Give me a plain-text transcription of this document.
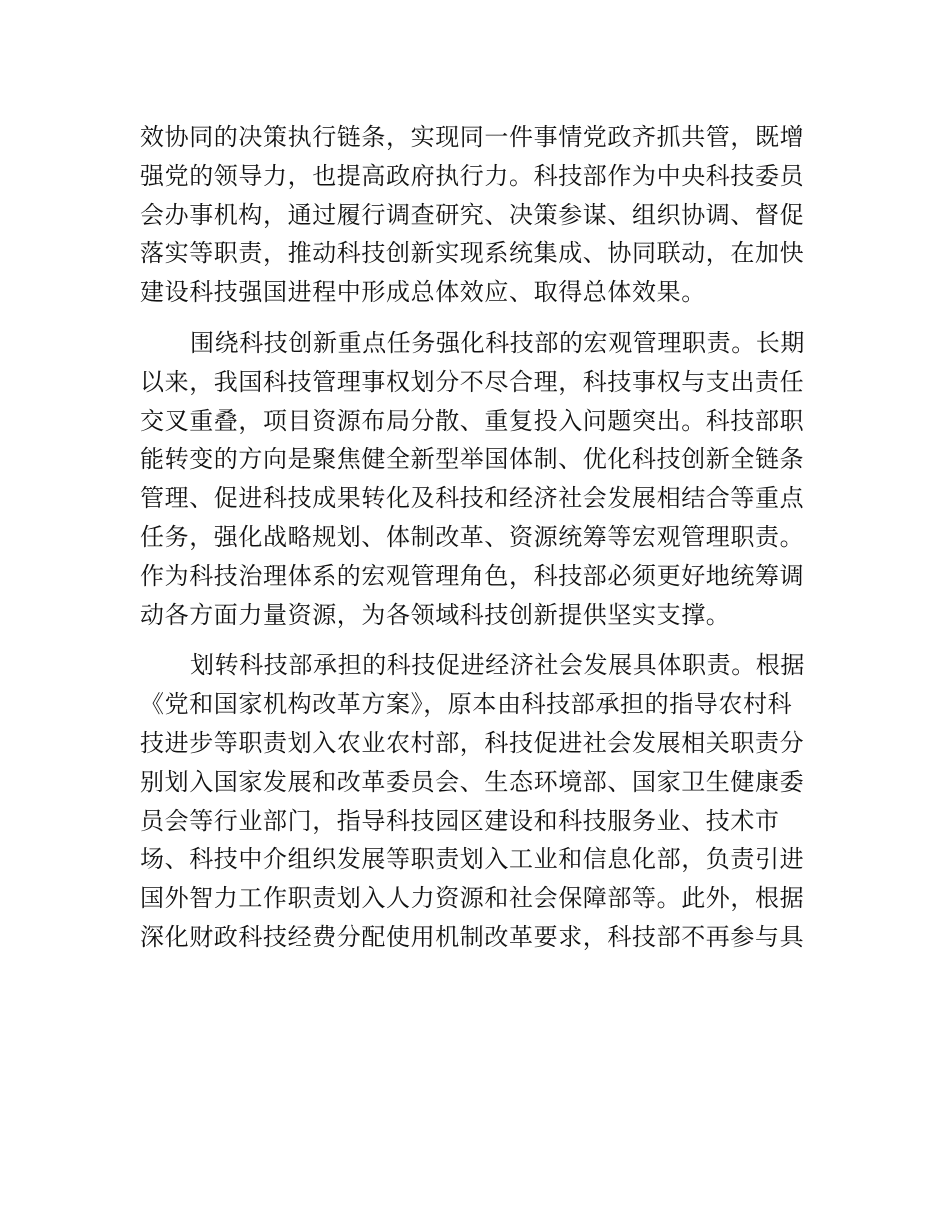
效协同的决策执行链条，实现同一件事情党政齐抓共管，既增
强党的领导力，也提高政府执行力。科技部作为中央科技委员
会办事机构，通过履行调查研究、决策参谋、组织协调、督促
落实等职责，推动科技创新实现系统集成、协同联动，在加快
建设科技强国进程中形成总体效应、取得总体效果。
围绕科技创新重点任务强化科技部的宏观管理职责。长期
以来，我国科技管理事权划分不尽合理，科技事权与支出责任
交叉重叠，项目资源布局分散、重复投入问题突出。科技部职
能转变的方向是聚焦健全新型举国体制、优化科技创新全链条
管理、促进科技成果转化及科技和经济社会发展相结合等重点
任务，强化战略规划、体制改革、资源统筹等宏观管理职责。
作为科技治理体系的宏观管理角色，科技部必须更好地统筹调
动各方面力量资源，为各领域科技创新提供坚实支撑。
划转科技部承担的科技促进经济社会发展具体职责。根据
《党和国家机构改革方案》，原本由科技部承担的指导农村科
技进步等职责划入农业农村部，科技促进社会发展相关职责分
别划入国家发展和改革委员会、生态环境部、国家卫生健康委
员会等行业部门，指导科技园区建设和科技服务业、技术市
场、科技中介组织发展等职责划入工业和信息化部，负责引进
国外智力工作职责划入人力资源和社会保障部等。此外，根据
深化财政科技经费分配使用机制改革要求，科技部不再参与具
